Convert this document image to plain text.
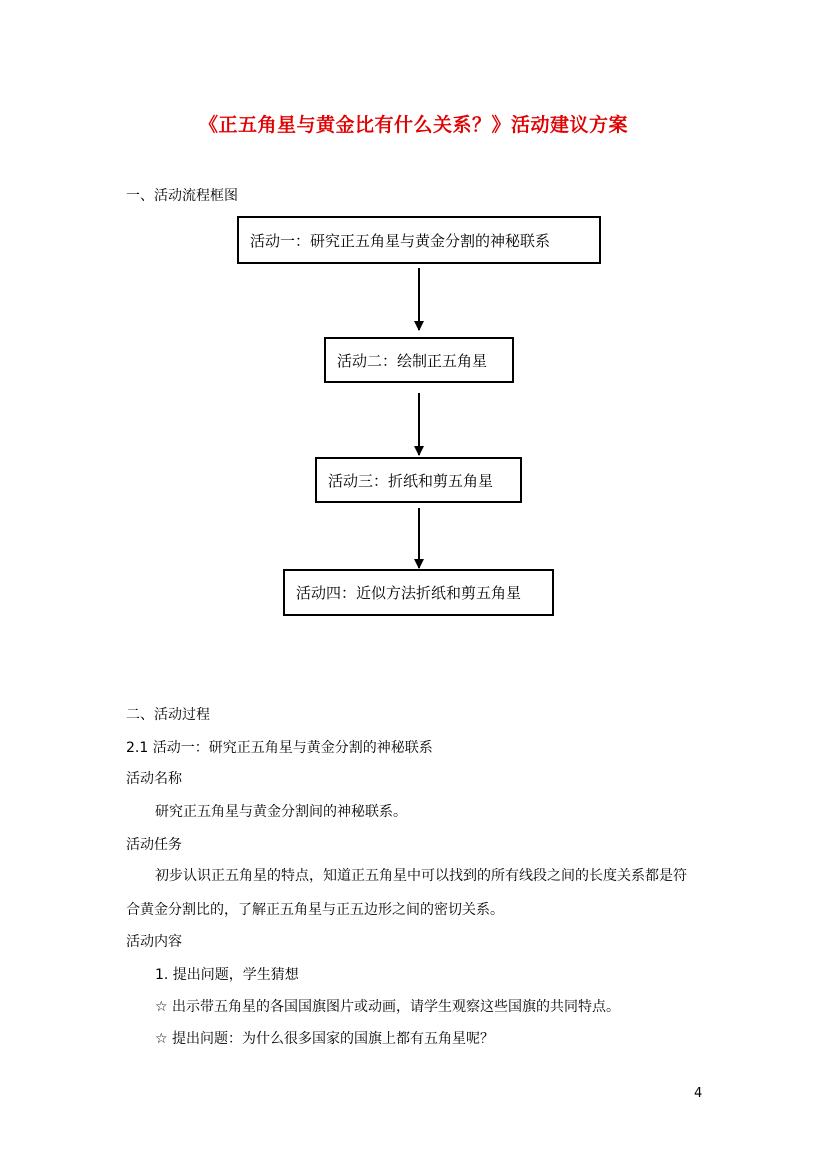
《正五角星与黄金比有什么关系？》活动建议方案
一、活动流程框图
活动一：研究正五角星与黄金分割的神秘联系
活动二：绘制正五角星
活动三：折纸和剪五角星
活动四：近似方法折纸和剪五角星
二、活动过程
2.1 活动一：研究正五角星与黄金分割的神秘联系
活动名称
研究正五角星与黄金分割间的神秘联系。
活动任务
初步认识正五角星的特点，知道正五角星中可以找到的所有线段之间的长度关系都是符
合黄金分割比的，了解正五角星与正五边形之间的密切关系。
活动内容
1. 提出问题，学生猜想
☆ 出示带五角星的各国国旗图片或动画，请学生观察这些国旗的共同特点。
☆ 提出问题：为什么很多国家的国旗上都有五角星呢？
4
